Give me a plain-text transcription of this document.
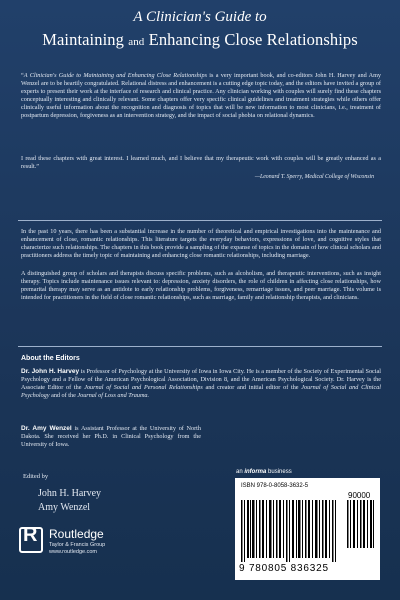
A Clinician's Guide to
Maintaining and Enhancing Close Relationships
“A Clinician's Guide to Maintaining and Enhancing Close Relationships is a very important book, and co-editors John H. Harvey and Amy Wenzel are to be heartily congratulated. Relational distress and enhancement is a cutting edge topic today, and the editors have invited a group of experts to present their work at the interface of research and clinical practice. Any clinician working with couples will surely find these chapters conceptually interesting and clinically relevant. Some chapters offer very specific clinical guidelines and treatment strategies while others offer clinically useful information about the recognition and diagnosis of topics that will be new information to most clinicians, i.e., treatment of postpartum depression, forgiveness as an intervention strategy, and the impact of social phobia on relational dynamics.
I read these chapters with great interest. I learned much, and I believe that my therapeutic work with couples will be greatly enhanced as a result.”
—Leonard T. Sperry, Medical College of Wisconsin
In the past 10 years, there has been a substantial increase in the number of theoretical and empirical investigations into the maintenance and enhancement of close, romantic relationships. This literature targets the everyday behaviors, expressions of love, and cognitive styles that characterize such relationships. The chapters in this book provide a sampling of the expanse of topics in the domain of how clinical scholars and practitioners address the timely topic of maintaining and enhancing close romantic relationships, including marriage.
A distinguished group of scholars and therapists discuss specific problems, such as alcoholism, and therapeutic interventions, such as insight therapy. Topics include maintenance issues relevant to: depression, anxiety disorders, the role of children in affecting close relationships, how premarital therapy may serve as an antidote to early relationship problems, forgiveness, remarriage issues, and peer marriage. This volume is intended for practitioners in the field of close romantic relationships, such as marriage, family and relationship therapists, and clinicians.
About the Editors
Dr. John H. Harvey is Professor of Psychology at the University of Iowa in Iowa City. He is a member of the Society of Experimental Social Psychology and a Fellow of the American Psychological Association, Division 8, and the American Psychological Society. Dr. Harvey is the Associate Editor of the Journal of Social and Personal Relationships and creator and initial editor of the Journal of Social and Clinical Psychology and of the Journal of Loss and Trauma.
Dr. Amy Wenzel is Assistant Professor at the University of North Dakota. She received her Ph.D. in Clinical Psychology from the University of Iowa.
Edited by
John H. Harvey
Amy Wenzel
R Routledge
Taylor & Francis Group
www.routledge.com
an informa business
ISBN 978-0-8058-3632-5
90000
9 780805 836325
